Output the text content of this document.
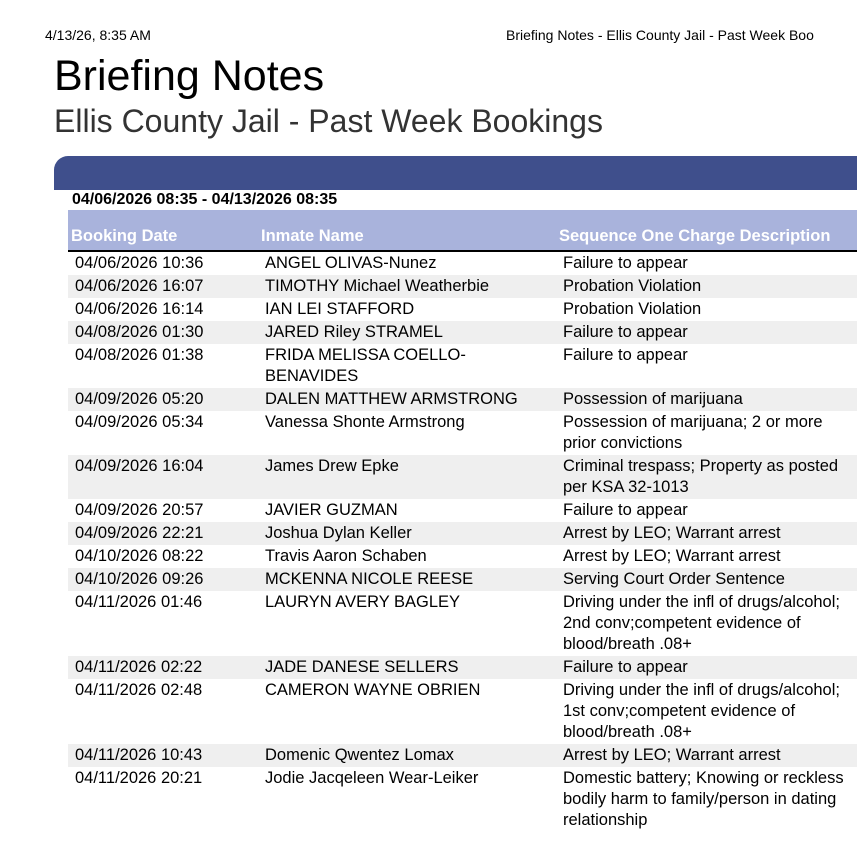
4/13/26, 8:35 AM	Briefing Notes - Ellis County Jail - Past Week Boo
Briefing Notes
Ellis County Jail - Past Week Bookings
04/06/2026 08:35 - 04/13/2026 08:35
Booking Date	Inmate Name	Sequence One Charge Description
04/06/2026 10:36	ANGEL OLIVAS-Nunez	Failure to appear
04/06/2026 16:07	TIMOTHY Michael Weatherbie	Probation Violation
04/06/2026 16:14	IAN LEI STAFFORD	Probation Violation
04/08/2026 01:30	JARED Riley STRAMEL	Failure to appear
04/08/2026 01:38	FRIDA MELISSA COELLO-BENAVIDES	Failure to appear
04/09/2026 05:20	DALEN MATTHEW ARMSTRONG	Possession of marijuana
04/09/2026 05:34	Vanessa Shonte Armstrong	Possession of marijuana; 2 or more prior convictions
04/09/2026 16:04	James Drew Epke	Criminal trespass; Property as posted per KSA 32-1013
04/09/2026 20:57	JAVIER GUZMAN	Failure to appear
04/09/2026 22:21	Joshua Dylan Keller	Arrest by LEO; Warrant arrest
04/10/2026 08:22	Travis Aaron Schaben	Arrest by LEO; Warrant arrest
04/10/2026 09:26	MCKENNA NICOLE REESE	Serving Court Order Sentence
04/11/2026 01:46	LAURYN AVERY BAGLEY	Driving under the infl of drugs/alcohol; 2nd conv;competent evidence of blood/breath .08+
04/11/2026 02:22	JADE DANESE SELLERS	Failure to appear
04/11/2026 02:48	CAMERON WAYNE OBRIEN	Driving under the infl of drugs/alcohol; 1st conv;competent evidence of blood/breath .08+
04/11/2026 10:43	Domenic Qwentez Lomax	Arrest by LEO; Warrant arrest
04/11/2026 20:21	Jodie Jacqeleen Wear-Leiker	Domestic battery; Knowing or reckless bodily harm to family/person in dating relationship
